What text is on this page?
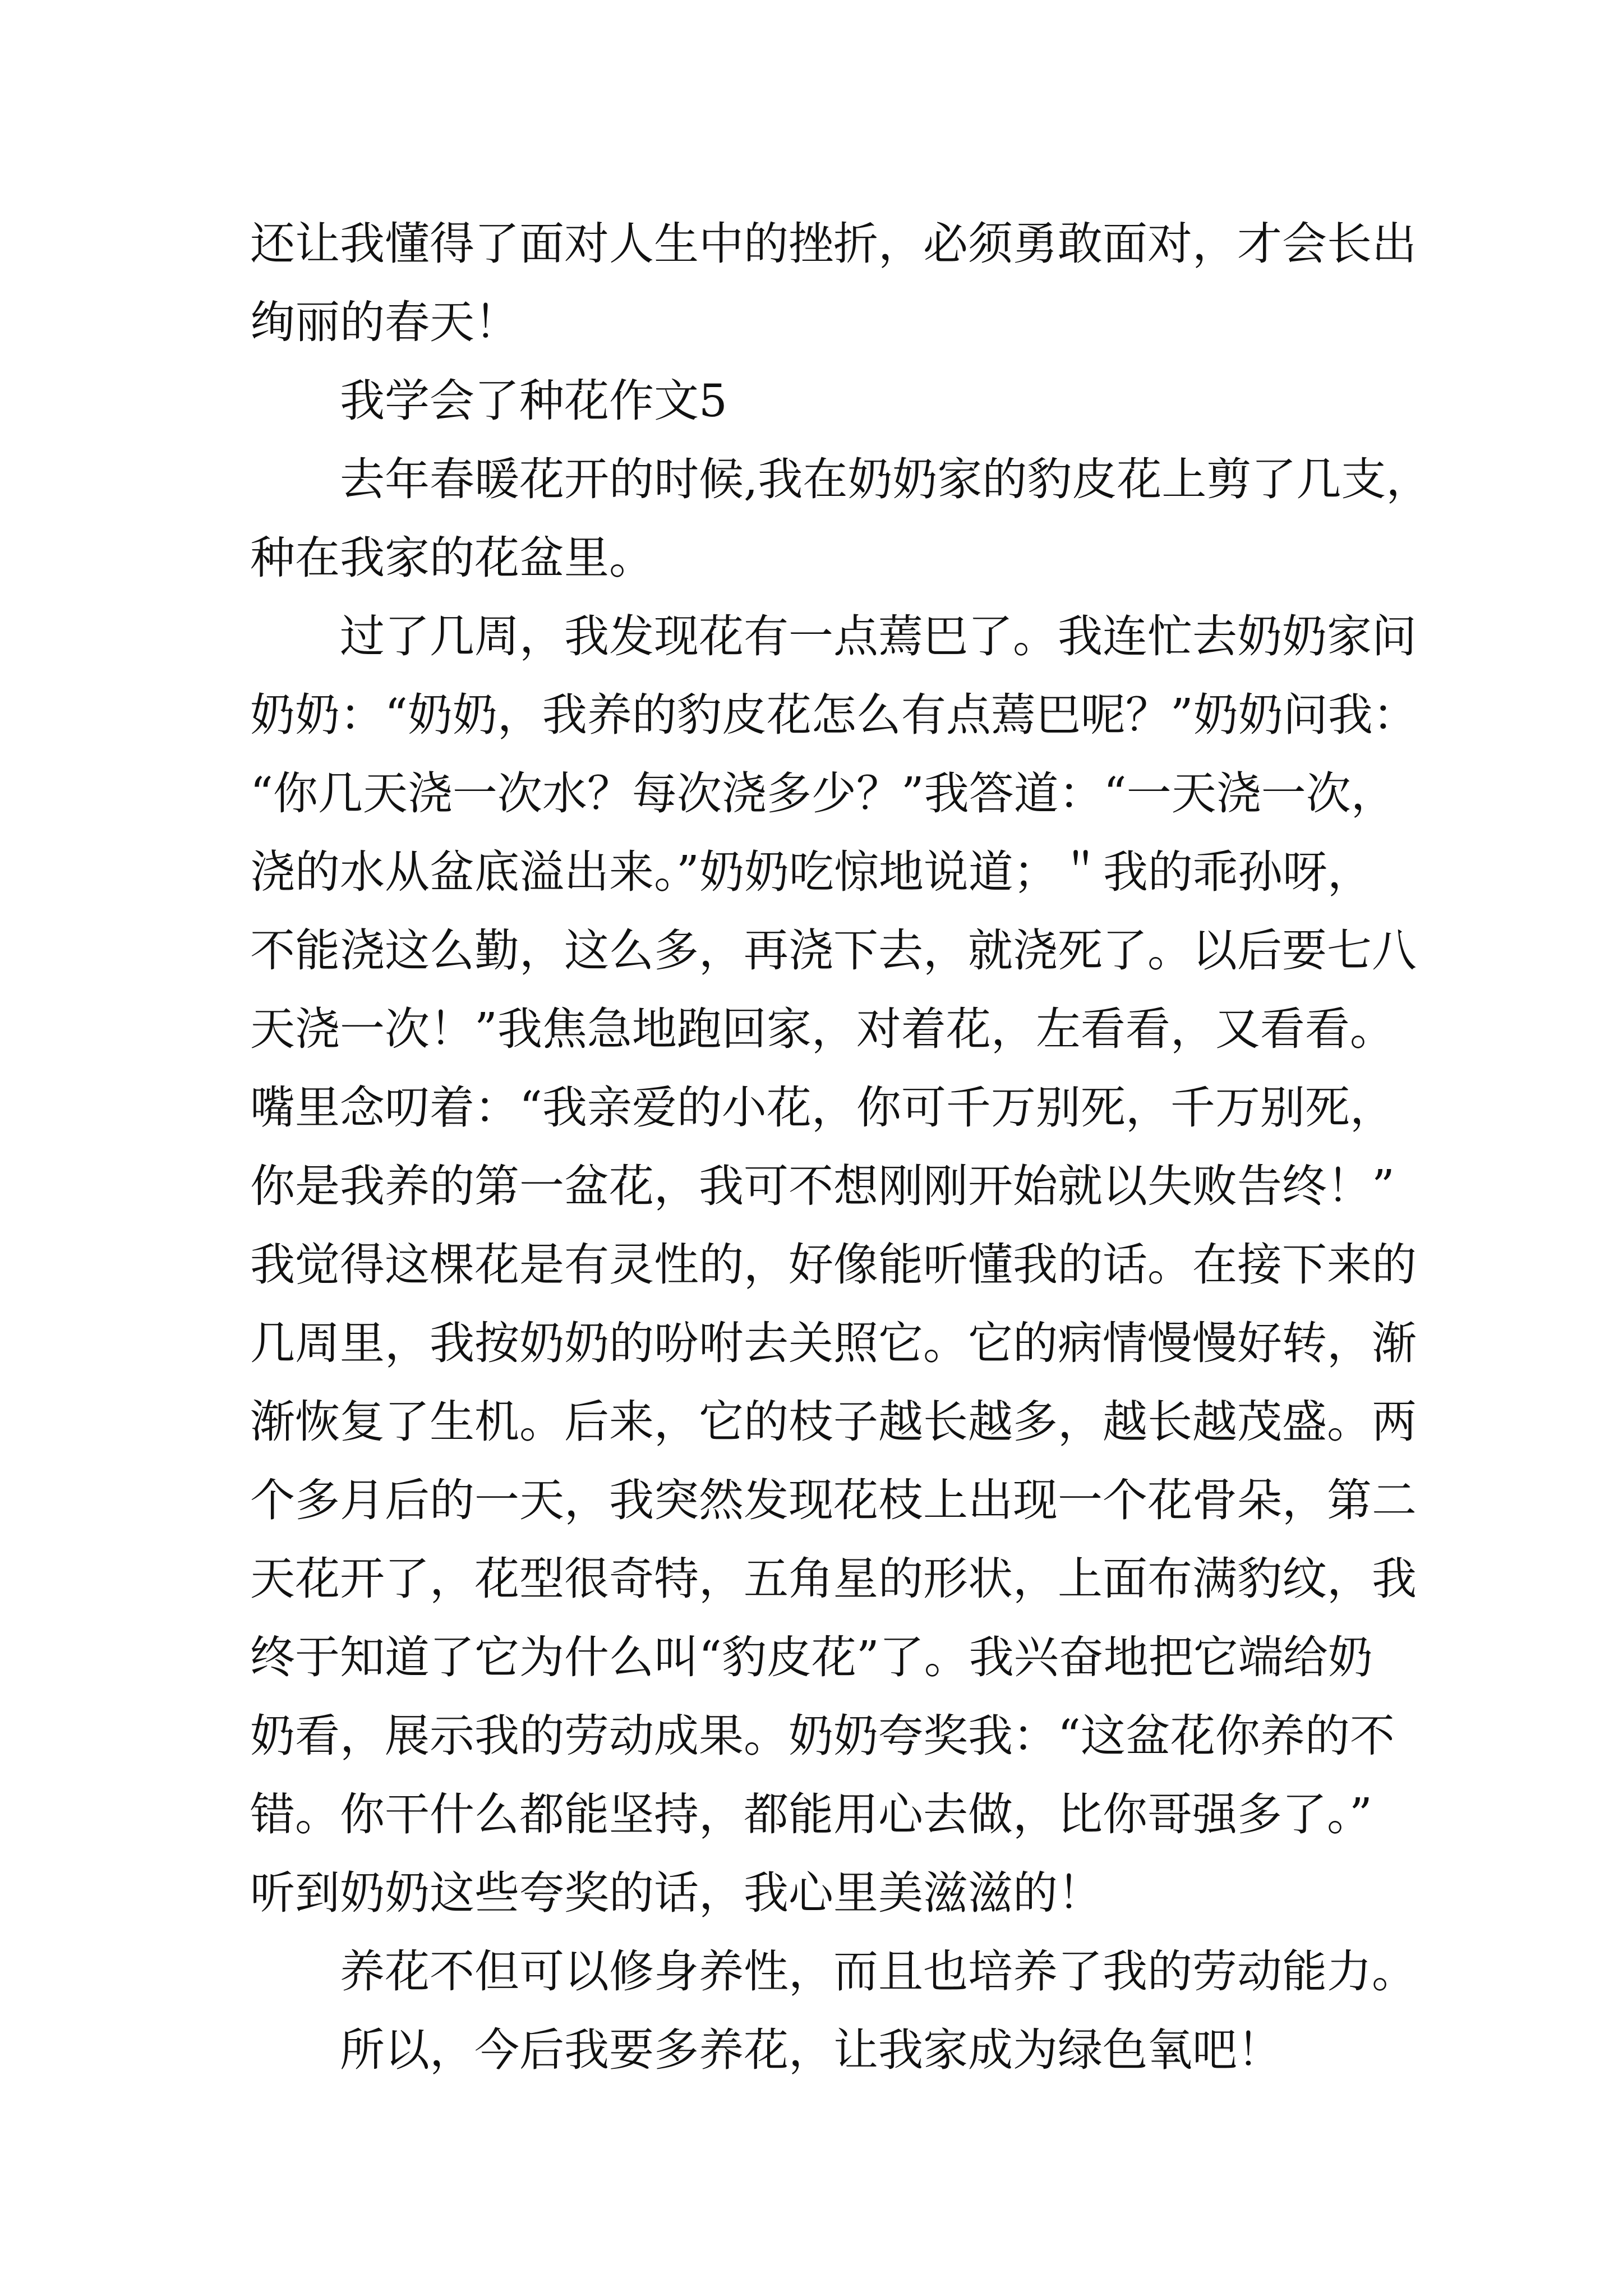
还让我懂得了面对人生中的挫折，必须勇敢面对，才会长出
绚丽的春天！
我学会了种花作文5
去年春暖花开的时候,我在奶奶家的豹皮花上剪了几支，
种在我家的花盆里。
过了几周，我发现花有一点蔫巴了。我连忙去奶奶家问
奶奶：“奶奶，我养的豹皮花怎么有点蔫巴呢？”奶奶问我：
“你几天浇一次水？每次浇多少？”我答道：“一天浇一次，
浇的水从盆底溢出来。”奶奶吃惊地说道；＂我的乖孙呀，
不能浇这么勤，这么多，再浇下去，就浇死了。以后要七八
天浇一次！”我焦急地跑回家，对着花，左看看，又看看。
嘴里念叨着：“我亲爱的小花，你可千万别死，千万别死，
你是我养的第一盆花，我可不想刚刚开始就以失败告终！”
我觉得这棵花是有灵性的，好像能听懂我的话。在接下来的
几周里，我按奶奶的吩咐去关照它。它的病情慢慢好转，渐
渐恢复了生机。后来，它的枝子越长越多，越长越茂盛。两
个多月后的一天，我突然发现花枝上出现一个花骨朵，第二
天花开了，花型很奇特，五角星的形状，上面布满豹纹，我
终于知道了它为什么叫“豹皮花”了。我兴奋地把它端给奶
奶看，展示我的劳动成果。奶奶夸奖我：“这盆花你养的不
错。你干什么都能坚持，都能用心去做，比你哥强多了。”
听到奶奶这些夸奖的话，我心里美滋滋的！
养花不但可以修身养性，而且也培养了我的劳动能力。
所以，今后我要多养花，让我家成为绿色氧吧！
